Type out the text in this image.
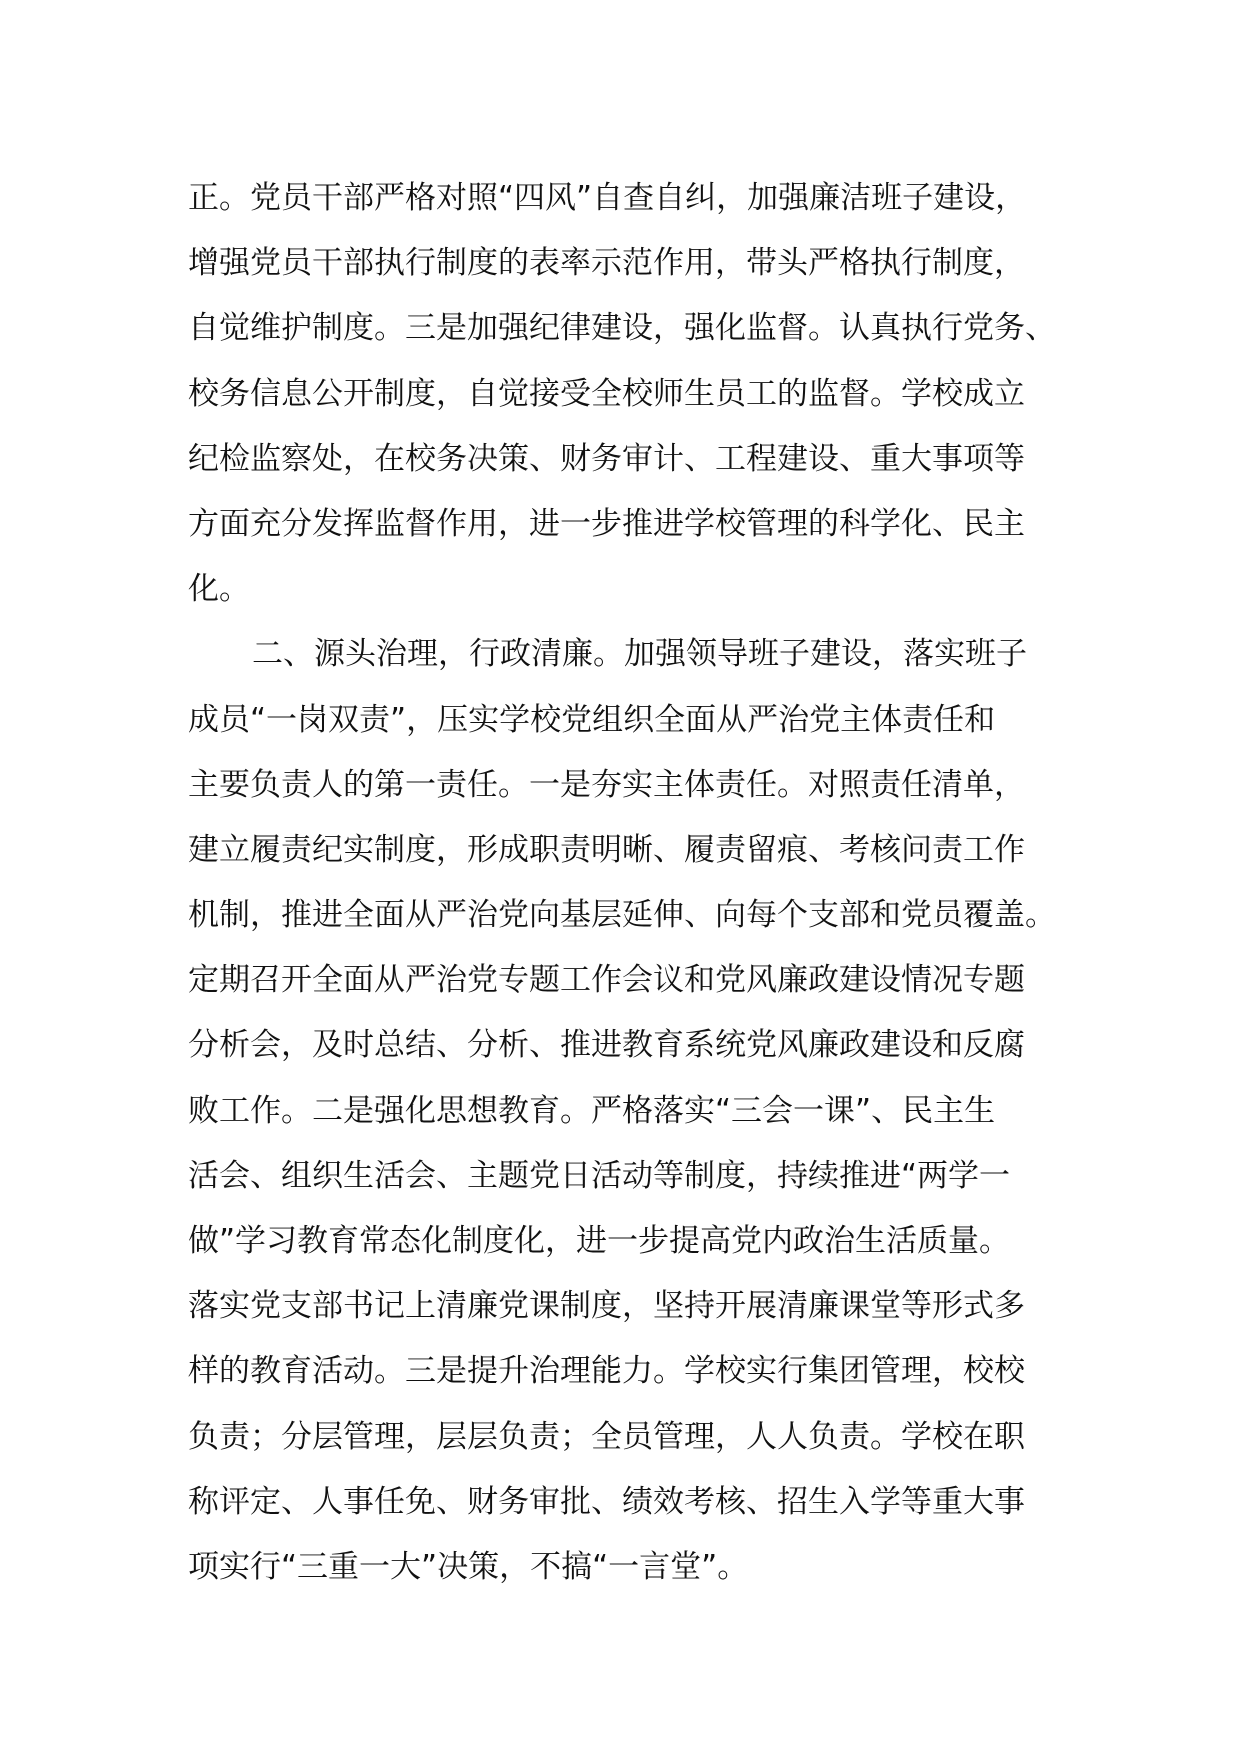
正。党员干部严格对照“四风”自查自纠，加强廉洁班子建设，
增强党员干部执行制度的表率示范作用，带头严格执行制度，
自觉维护制度。三是加强纪律建设，强化监督。认真执行党务、
校务信息公开制度，自觉接受全校师生员工的监督。学校成立
纪检监察处，在校务决策、财务审计、工程建设、重大事项等
方面充分发挥监督作用，进一步推进学校管理的科学化、民主
化。
二、源头治理，行政清廉。加强领导班子建设，落实班子
成员“一岗双责”，压实学校党组织全面从严治党主体责任和
主要负责人的第一责任。一是夯实主体责任。对照责任清单，
建立履责纪实制度，形成职责明晰、履责留痕、考核问责工作
机制，推进全面从严治党向基层延伸、向每个支部和党员覆盖。
定期召开全面从严治党专题工作会议和党风廉政建设情况专题
分析会，及时总结、分析、推进教育系统党风廉政建设和反腐
败工作。二是强化思想教育。严格落实“三会一课”、民主生
活会、组织生活会、主题党日活动等制度，持续推进“两学一
做”学习教育常态化制度化，进一步提高党内政治生活质量。
落实党支部书记上清廉党课制度，坚持开展清廉课堂等形式多
样的教育活动。三是提升治理能力。学校实行集团管理，校校
负责；分层管理，层层负责；全员管理，人人负责。学校在职
称评定、人事任免、财务审批、绩效考核、招生入学等重大事
项实行“三重一大”决策，不搞“一言堂”。
